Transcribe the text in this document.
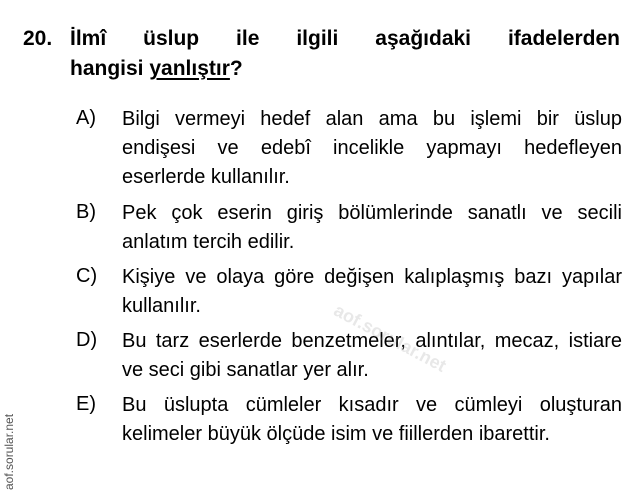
20. İlmî üslup ile ilgili aşağıdaki ifadelerden
hangisi yanlıştır?
A) Bilgi vermeyi hedef alan ama bu işlemi bir üslup endişesi ve edebî incelikle yapmayı hedefleyen eserlerde kullanılır.
B) Pek çok eserin giriş bölümlerinde sanatlı ve secili anlatım tercih edilir.
C) Kişiye ve olaya göre değişen kalıplaşmış bazı yapılar kullanılır.
D) Bu tarz eserlerde benzetmeler, alıntılar, mecaz, istiare ve seci gibi sanatlar yer alır.
E) Bu üslupta cümleler kısadır ve cümleyi oluşturan kelimeler büyük ölçüde isim ve fiillerden ibarettir.
aof.sorular.net
aof.sorular.net
